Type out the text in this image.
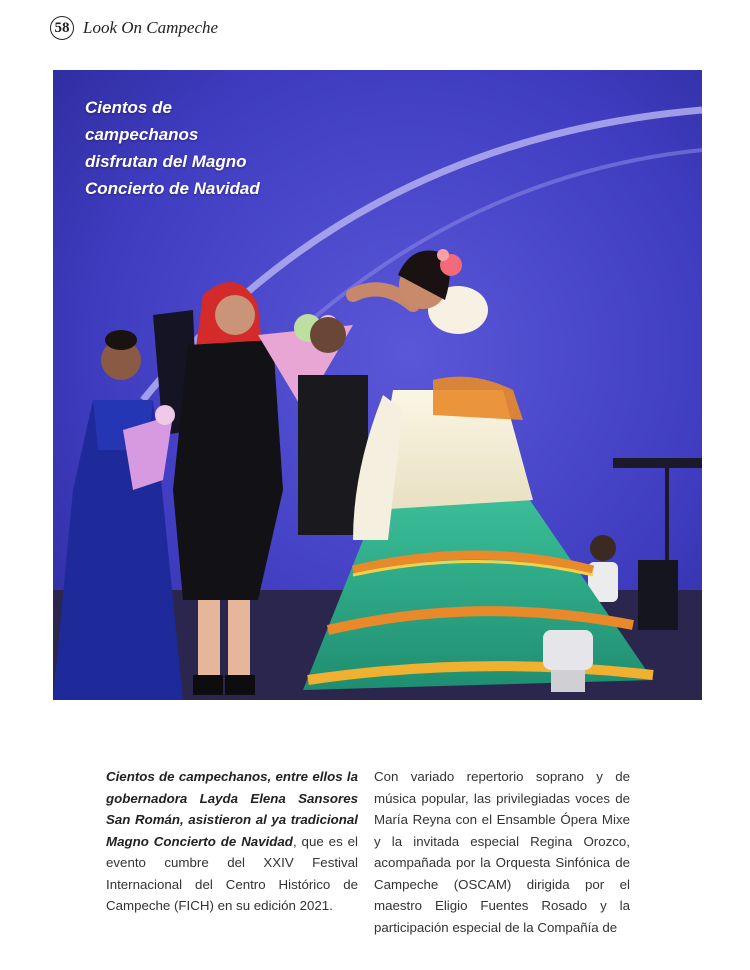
58 Look On Campeche
Cientos de campechanos disfrutan del Magno Concierto de Navidad
Cientos de campechanos, entre ellos la gobernadora Layda Elena Sansores San Román, asistieron al ya tradicional Magno Concierto de Navidad, que es el evento cumbre del XXIV Festival Internacional del Centro Histórico de Campeche (FICH) en su edición 2021.
Con variado repertorio soprano y de música popular, las privilegiadas voces de María Reyna con el Ensamble Ópera Mixe y la invitada especial Regina Orozco, acompañada por la Orquesta Sinfónica de Campeche (OSCAM) dirigida por el maestro Eligio Fuentes Rosado y la participación especial de la Compañía de
